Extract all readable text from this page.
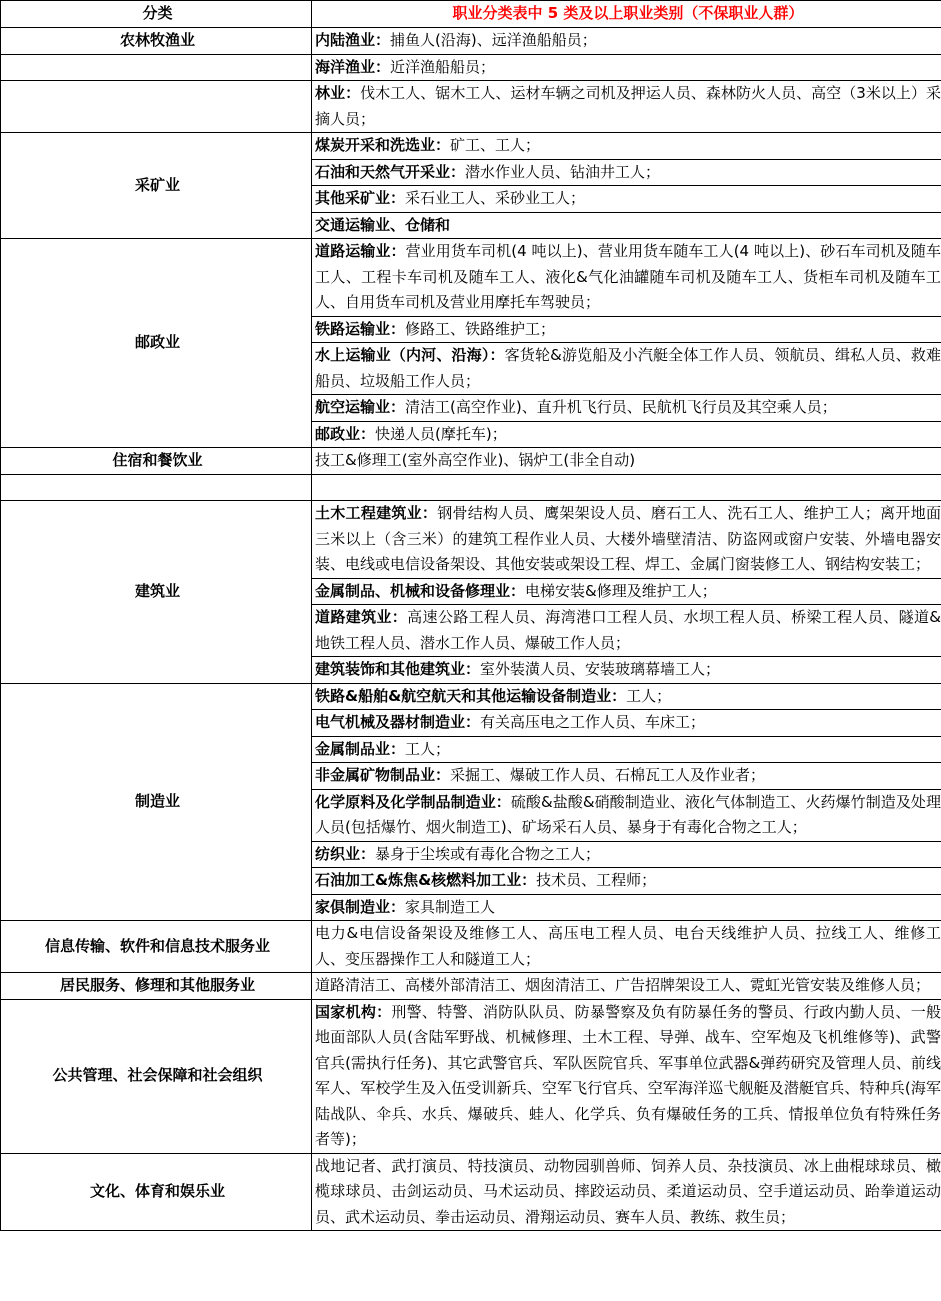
分类	职业分类表中 5 类及以上职业类别（不保职业人群）
农林牧渔业	内陆渔业：捕鱼人(沿海)、远洋渔船船员；
	海洋渔业：近洋渔船船员；
	林业：伐木工人、锯木工人、运材车辆之司机及押运人员、森林防火人员、高空（3米以上）采摘人员；
采矿业	煤炭开采和洗选业：矿工、工人；
	石油和天然气开采业：潜水作业人员、钻油井工人；
	其他采矿业：采石业工人、采砂业工人；
	交通运输业、仓储和
邮政业	道路运输业：营业用货车司机(4 吨以上)、营业用货车随车工人(4 吨以上)、砂石车司机及随车工人、工程卡车司机及随车工人、液化&气化油罐随车司机及随车工人、货柜车司机及随车工人、自用货车司机及营业用摩托车驾驶员；
	铁路运输业：修路工、铁路维护工；
	水上运输业（内河、沿海）：客货轮&游览船及小汽艇全体工作人员、领航员、缉私人员、救难船员、垃圾船工作人员；
	航空运输业：清洁工(高空作业)、直升机飞行员、民航机飞行员及其空乘人员；
	邮政业：快递人员(摩托车)；
住宿和餐饮业	技工&修理工(室外高空作业)、锅炉工(非全自动)

建筑业	土木工程建筑业：钢骨结构人员、鹰架架设人员、磨石工人、洗石工人、维护工人；离开地面三米以上（含三米）的建筑工程作业人员、大楼外墙壁清洁、防盗网或窗户安装、外墙电器安装、电线或电信设备架设、其他安装或架设工程、焊工、金属门窗装修工人、钢结构安装工；
	金属制品、机械和设备修理业：电梯安装&修理及维护工人；
	道路建筑业：高速公路工程人员、海湾港口工程人员、水坝工程人员、桥梁工程人员、隧道&地铁工程人员、潜水工作人员、爆破工作人员；
	建筑装饰和其他建筑业：室外装潢人员、安装玻璃幕墙工人；
制造业	铁路&船舶&航空航天和其他运输设备制造业：工人；
	电气机械及器材制造业：有关高压电之工作人员、车床工；
	金属制品业：工人；
	非金属矿物制品业：采掘工、爆破工作人员、石棉瓦工人及作业者；
	化学原料及化学制品制造业：硫酸&盐酸&硝酸制造业、液化气体制造工、火药爆竹制造及处理人员(包括爆竹、烟火制造工)、矿场采石人员、暴身于有毒化合物之工人；
	纺织业：暴身于尘埃或有毒化合物之工人；
	石油加工&炼焦&核燃料加工业：技术员、工程师；
	家俱制造业：家具制造工人
信息传输、软件和信息技术服务业	电力&电信设备架设及维修工人、高压电工程人员、电台天线维护人员、拉线工人、维修工人、变压器操作工人和隧道工人；
居民服务、修理和其他服务业	道路清洁工、高楼外部清洁工、烟囱清洁工、广告招牌架设工人、霓虹光管安装及维修人员；
公共管理、社会保障和社会组织	国家机构：刑警、特警、消防队队员、防暴警察及负有防暴任务的警员、行政内勤人员、一般地面部队人员(含陆军野战、机械修理、土木工程、导弹、战车、空军炮及飞机维修等)、武警官兵(需执行任务)、其它武警官兵、军队医院官兵、军事单位武器&弹药研究及管理人员、前线军人、军校学生及入伍受训新兵、空军飞行官兵、空军海洋巡弋舰艇及潜艇官兵、特种兵(海军陆战队、伞兵、水兵、爆破兵、蛙人、化学兵、负有爆破任务的工兵、情报单位负有特殊任务者等)；
文化、体育和娱乐业	战地记者、武打演员、特技演员、动物园驯兽师、饲养人员、杂技演员、冰上曲棍球球员、橄榄球球员、击剑运动员、马术运动员、摔跤运动员、柔道运动员、空手道运动员、跆拳道运动员、武术运动员、拳击运动员、滑翔运动员、赛车人员、教练、救生员；
